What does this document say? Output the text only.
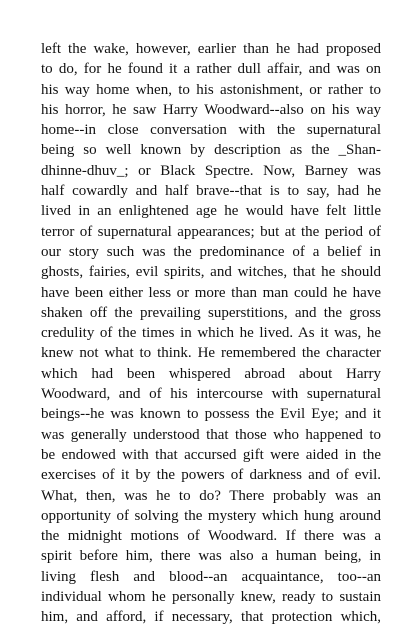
left the wake, however, earlier than he had proposed
to do, for he found it a rather dull affair, and was on
his way home when, to his astonishment, or rather to
his horror, he saw Harry Woodward--also on his way
home--in close conversation with the supernatural
being so well known by description as the _Shan-
dhinne-dhuv_; or Black Spectre. Now, Barney was
half cowardly and half brave--that is to say, had he
lived in an enlightened age he would have felt little
terror of supernatural appearances; but at the period of
our story such was the predominance of a belief in
ghosts, fairies, evil spirits, and witches, that he should
have been either less or more than man could he have
shaken off the prevailing superstitions, and the gross
credulity of the times in which he lived. As it was, he
knew not what to think. He remembered the character
which had been whispered abroad about Harry
Woodward, and of his intercourse with supernatural
beings--he was known to possess the Evil Eye; and it
was generally understood that those who happened to
be endowed with that accursed gift were aided in the
exercises of it by the powers of darkness and of evil.
What, then, was he to do? There probably was an
opportunity of solving the mystery which hung around
the midnight motions of Woodward. If there was a
spirit before him, there was also a human being, in
living flesh and blood--an acquaintance, too--an
individual whom he personally knew, ready to sustain
him, and afford, if necessary, that protection which,
